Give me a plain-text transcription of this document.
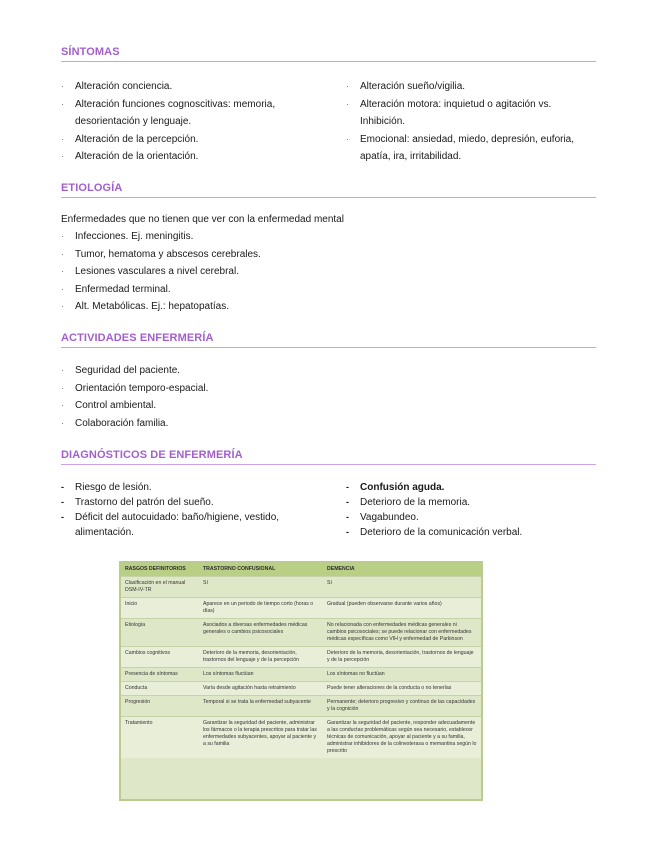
SÍNTOMAS
· Alteración conciencia.
· Alteración funciones cognoscitivas: memoria,
desorientación y lenguaje.
· Alteración de la percepción.
· Alteración de la orientación.
· Alteración sueño/vigilia.
· Alteración motora: inquietud o agitación vs.
Inhibición.
· Emocional: ansiedad, miedo, depresión, euforia,
apatía, ira, irritabilidad.
ETIOLOGÍA
Enfermedades que no tienen que ver con la enfermedad mental
· Infecciones. Ej. meningitis.
· Tumor, hematoma y abscesos cerebrales.
· Lesiones vasculares a nivel cerebral.
· Enfermedad terminal.
· Alt. Metabólicas. Ej.: hepatopatías.
ACTIVIDADES ENFERMERÍA
· Seguridad del paciente.
· Orientación temporo-espacial.
· Control ambiental.
· Colaboración familia.
DIAGNÓSTICOS DE ENFERMERÍA
- Riesgo de lesión.
- Trastorno del patrón del sueño.
- Déficit del autocuidado: baño/higiene, vestido,
alimentación.
- Confusión aguda.
- Deterioro de la memoria.
- Vagabundeo.
- Deterioro de la comunicación verbal.
RASGOS DEFINITORIOS	TRASTORNO CONFUSIONAL	DEMENCIA
Clasificación en el manual DSM-IV-TR	Sí	Sí
Inicio	Aparece en un periodo de tiempo corto (horas o días)	Gradual (pueden observarse durante varios años)
Etiología	Asociados a diversas enfermedades médicas generales o cambios psicosociales	No relacionada con enfermedades médicas generales ni cambios psicosociales; se puede relacionar con enfermedades médicas específicas como VIH y enfermedad de Parkinson
Cambios cognitivos	Deterioro de la memoria, desorientación, trastornos del lenguaje y de la percepción	Deterioro de la memoria, desorientación, trastornos de lenguaje y de la percepción
Presencia de síntomas	Los síntomas fluctúan	Los síntomas no fluctúan
Conducta	Varía desde agitación hasta retraimiento	Puede tener alteraciones de la conducta o no tenerlas
Progresión	Temporal si se trata la enfermedad subyacente	Permanente; deterioro progresivo y continuo de las capacidades y la cognición
Tratamiento	Garantizar la seguridad del paciente, administrar los fármacos o la terapia prescritos para tratar las enfermedades subyacentes, apoyar al paciente y a su familia	Garantizar la seguridad del paciente, responder adecuadamente a las conductas problemáticas según sea necesario, establecer técnicas de comunicación, apoyar al paciente y a su familia, administrar inhibidores de la colinesterasa o memantina según lo prescrito
